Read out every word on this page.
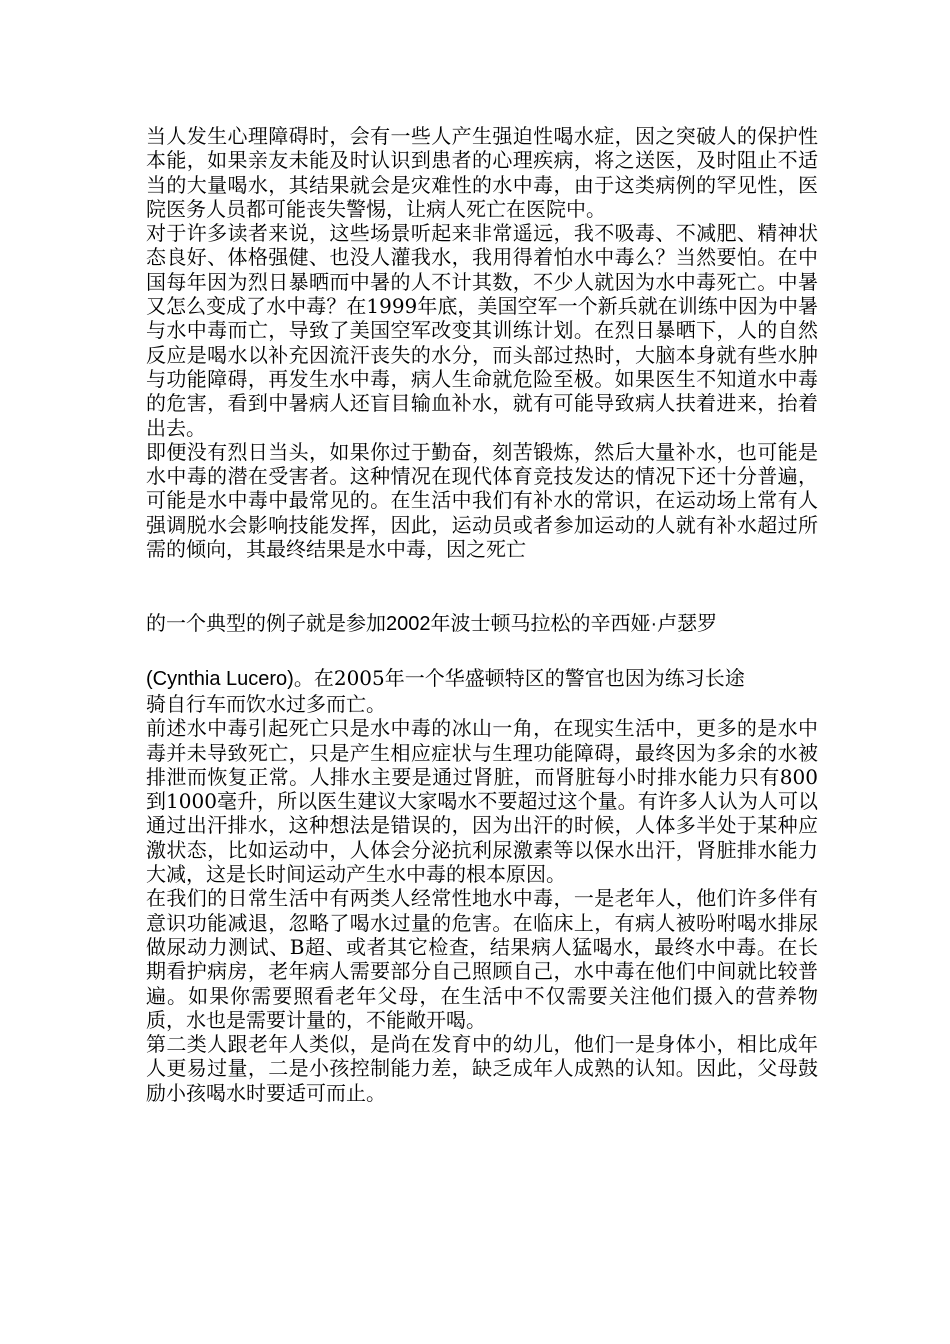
当人发生心理障碍时，会有一些人产生强迫性喝水症，因之突破人的保护性本能，如果亲友未能及时认识到患者的心理疾病，将之送医，及时阻止不适当的大量喝水，其结果就会是灾难性的水中毒，由于这类病例的罕见性，医院医务人员都可能丧失警惕，让病人死亡在医院中。
对于许多读者来说，这些场景听起来非常遥远，我不吸毒、不减肥、精神状态良好、体格强健、也没人灌我水，我用得着怕水中毒么？当然要怕。在中国每年因为烈日暴晒而中暑的人不计其数，不少人就因为水中毒死亡。中暑又怎么变成了水中毒？在1999年底，美国空军一个新兵就在训练中因为中暑与水中毒而亡，导致了美国空军改变其训练计划。在烈日暴晒下，人的自然反应是喝水以补充因流汗丧失的水分，而头部过热时，大脑本身就有些水肿与功能障碍，再发生水中毒，病人生命就危险至极。如果医生不知道水中毒的危害，看到中暑病人还盲目输血补水，就有可能导致病人扶着进来，抬着出去。
即便没有烈日当头，如果你过于勤奋，刻苦锻炼，然后大量补水，也可能是水中毒的潜在受害者。这种情况在现代体育竞技发达的情况下还十分普遍，可能是水中毒中最常见的。在生活中我们有补水的常识，在运动场上常有人强调脱水会影响技能发挥，因此，运动员或者参加运动的人就有补水超过所需的倾向，其最终结果是水中毒，因之死亡
的一个典型的例子就是参加2002年波士顿马拉松的辛西娅·卢瑟罗
(Cynthia Lucero)。在2005年一个华盛顿特区的警官也因为练习长途
骑自行车而饮水过多而亡。
前述水中毒引起死亡只是水中毒的冰山一角，在现实生活中，更多的是水中毒并未导致死亡，只是产生相应症状与生理功能障碍，最终因为多余的水被排泄而恢复正常。人排水主要是通过肾脏，而肾脏每小时排水能力只有800到1000毫升，所以医生建议大家喝水不要超过这个量。有许多人认为人可以通过出汗排水，这种想法是错误的，因为出汗的时候，人体多半处于某种应激状态，比如运动中，人体会分泌抗利尿激素等以保水出汗，肾脏排水能力大减，这是长时间运动产生水中毒的根本原因。
在我们的日常生活中有两类人经常性地水中毒，一是老年人，他们许多伴有意识功能减退，忽略了喝水过量的危害。在临床上，有病人被吩咐喝水排尿做尿动力测试、B超、或者其它检查，结果病人猛喝水，最终水中毒。在长期看护病房，老年病人需要部分自己照顾自己，水中毒在他们中间就比较普遍。如果你需要照看老年父母，在生活中不仅需要关注他们摄入的营养物质，水也是需要计量的，不能敞开喝。
第二类人跟老年人类似，是尚在发育中的幼儿，他们一是身体小，相比成年人更易过量，二是小孩控制能力差，缺乏成年人成熟的认知。因此，父母鼓励小孩喝水时要适可而止。
